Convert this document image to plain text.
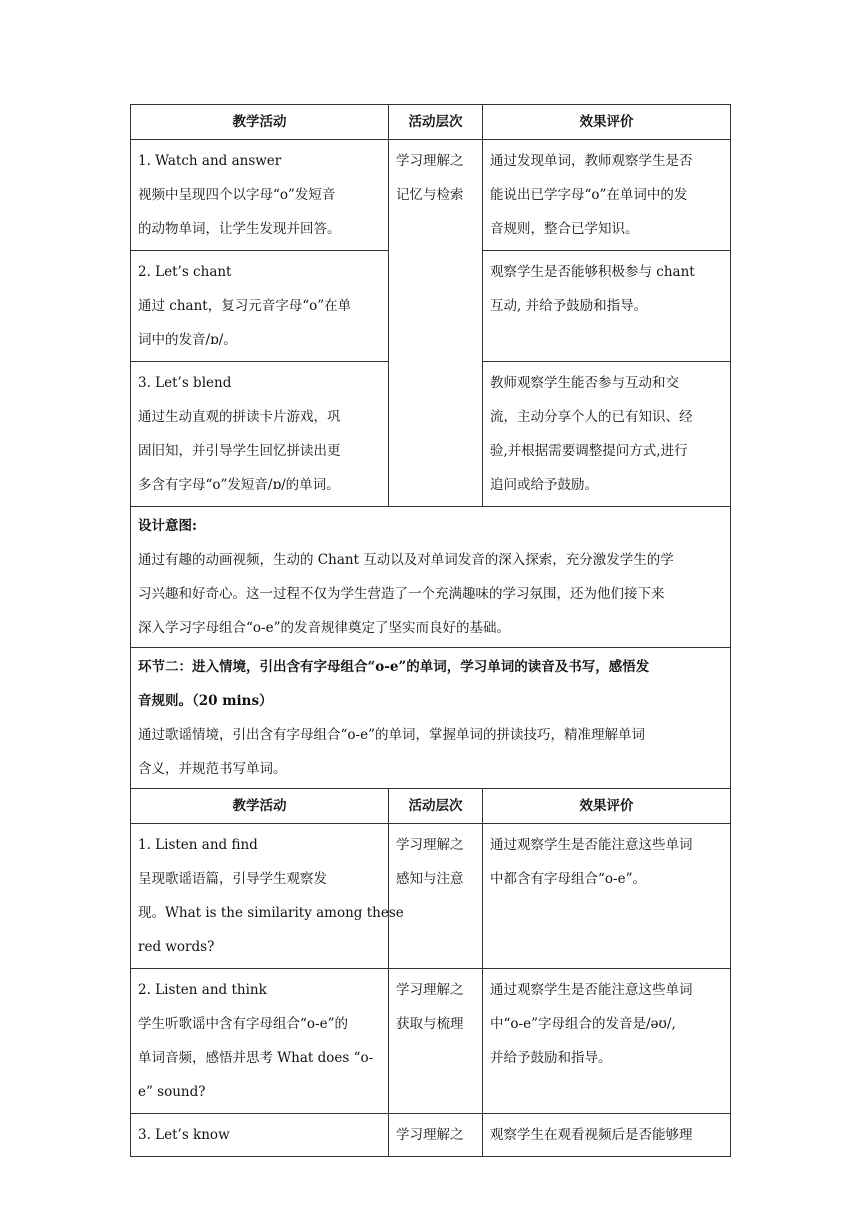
教学活动	活动层次	效果评价

1. Watch and answer
视频中呈现四个以字母“o”发短音
的动物单词，让学生发现并回答。	学习理解之
记忆与检索	通过发现单词，教师观察学生是否
能说出已学字母“o”在单词中的发
音规则，整合已学知识。

2. Let’s chant
通过 chant，复习元音字母“o”在单
词中的发音/ɒ/。		观察学生是否能够积极参与 chant
互动, 并给予鼓励和指导。

3. Let’s blend
通过生动直观的拼读卡片游戏，巩
固旧知，并引导学生回忆拼读出更
多含有字母“o”发短音/ɒ/的单词。		教师观察学生能否参与互动和交
流，主动分享个人的已有知识、经
验,并根据需要调整提问方式,进行
追问或给予鼓励。

设计意图:
通过有趣的动画视频，生动的 Chant 互动以及对单词发音的深入探索，充分激发学生的学
习兴趣和好奇心。这一过程不仅为学生营造了一个充满趣味的学习氛围，还为他们接下来
深入学习字母组合“o-e”的发音规律奠定了坚实而良好的基础。		

环节二：进入情境，引出含有字母组合“o-e”的单词，学习单词的读音及书写，感悟发
音规则。（20 mins）
通过歌谣情境，引出含有字母组合“o-e”的单词，掌握单词的拼读技巧，精准理解单词
含义，并规范书写单词。		

教学活动	活动层次	效果评价

1. Listen and find
呈现歌谣语篇，引导学生观察发
现。What is the similarity among these
red words?	学习理解之
感知与注意	通过观察学生是否能注意这些单词
中都含有字母组合“o-e”。

2. Listen and think
学生听歌谣中含有字母组合“o-e”的
单词音频，感悟并思考 What does “o-
e” sound?	学习理解之
获取与梳理	通过观察学生是否能注意这些单词
中“o-e”字母组合的发音是/əʊ/,
并给予鼓励和指导。

3. Let’s know	学习理解之	观察学生在观看视频后是否能够理
